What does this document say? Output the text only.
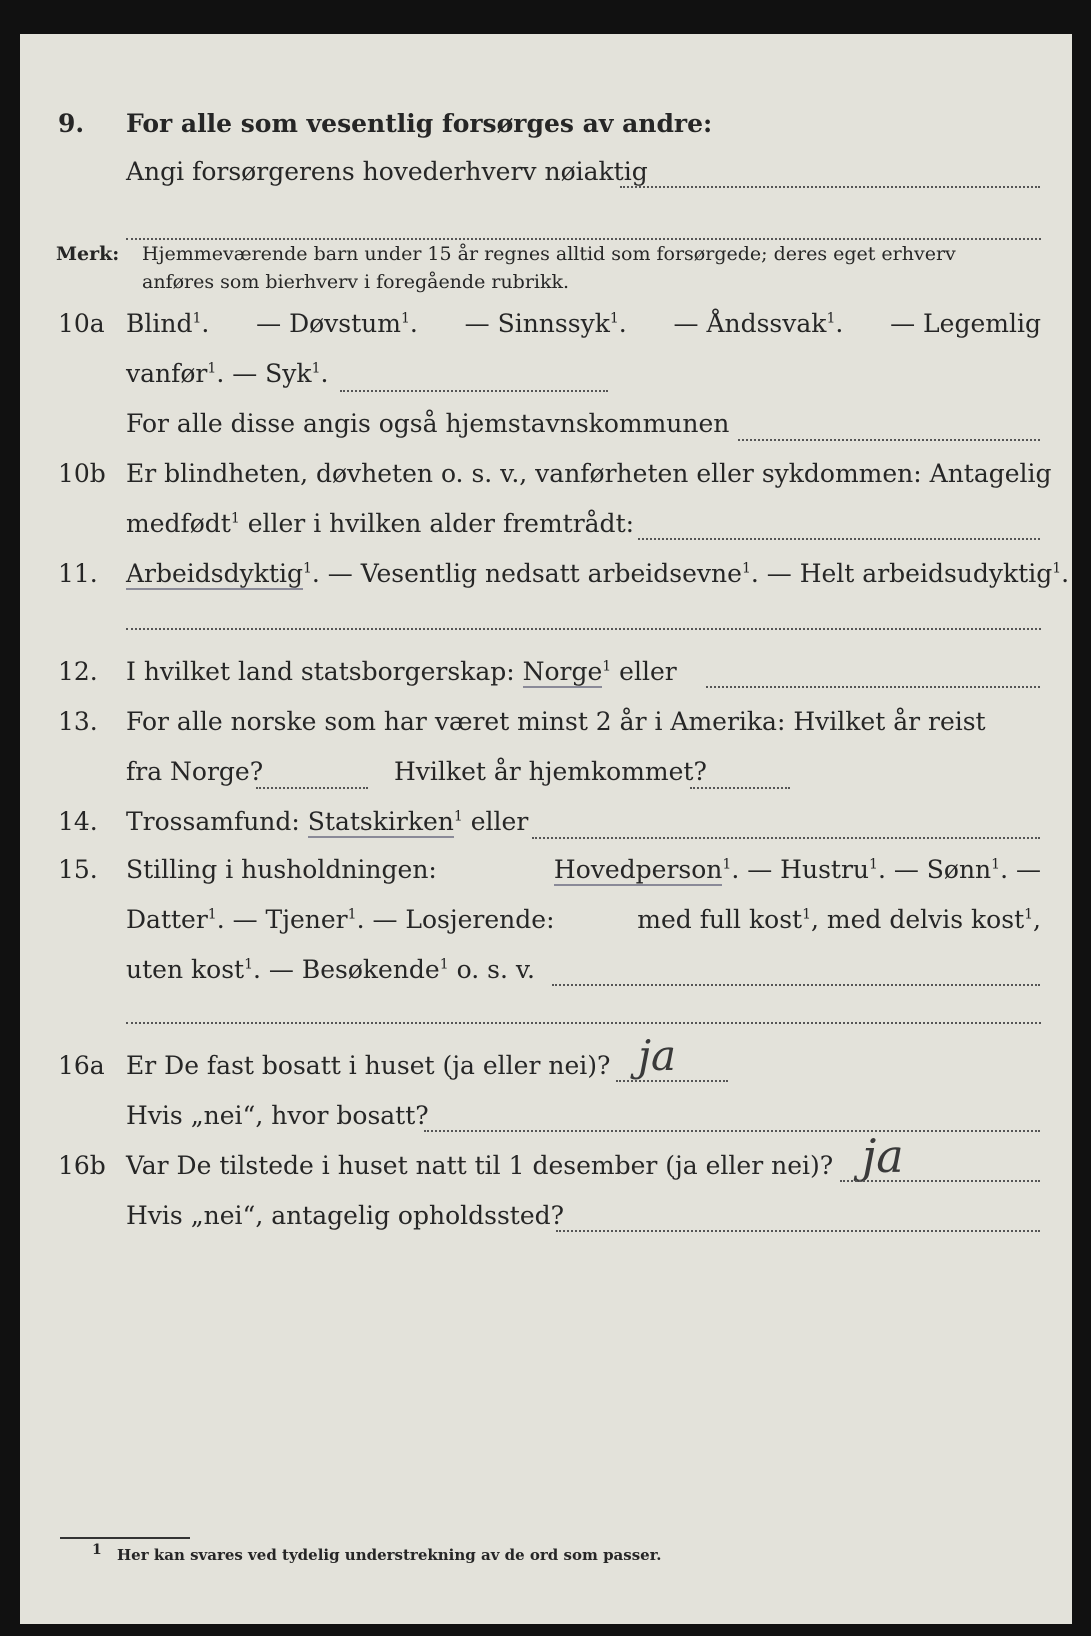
9. For alle som vesentlig forsørges av andre:
Angi forsørgerens hovederhverv nøiaktig
Merk: Hjemmeværende barn under 15 år regnes alltid som forsørgede; deres eget erhverv
anføres som bierhverv i foregående rubrikk.
10a Blind$^1$. — Døvstum$^1$. — Sinnssyk$^1$. — Åndssvak$^1$. — Legemlig
vanfør$^1$. — Syk$^1$.
For alle disse angis også hjemstavnskommunen
10b Er blindheten, døvheten o. s. v., vanførheten eller sykdommen: Antagelig
medfødt$^1$ eller i hvilken alder fremtrådt:
11. Arbeidsdyktig$^1$. — Vesentlig nedsatt arbeidsevne$^1$. — Helt arbeidsudyktig$^1$.
12. I hvilket land statsborgerskap: Norge$^1$ eller
13. For alle norske som har været minst 2 år i Amerika: Hvilket år reist
fra Norge?	Hvilket år hjemkommet?
14. Trossamfund: Statskirken$^1$ eller
15. Stilling i husholdningen:	Hovedperson$^1$. — Hustru$^1$. — Sønn$^1$. —
Datter$^1$. — Tjener$^1$. — Losjerende:	med full kost$^1$, med delvis kost$^1$,
uten kost$^1$. — Besøkende$^1$ o. s. v.
16a Er De fast bosatt i huset (ja eller nei)? ja
Hvis „nei“, hvor bosatt?
16b Var De tilstede i huset natt til 1 desember (ja eller nei)? ja
Hvis „nei“, antagelig opholdssted?
1 Her kan svares ved tydelig understrekning av de ord som passer.
